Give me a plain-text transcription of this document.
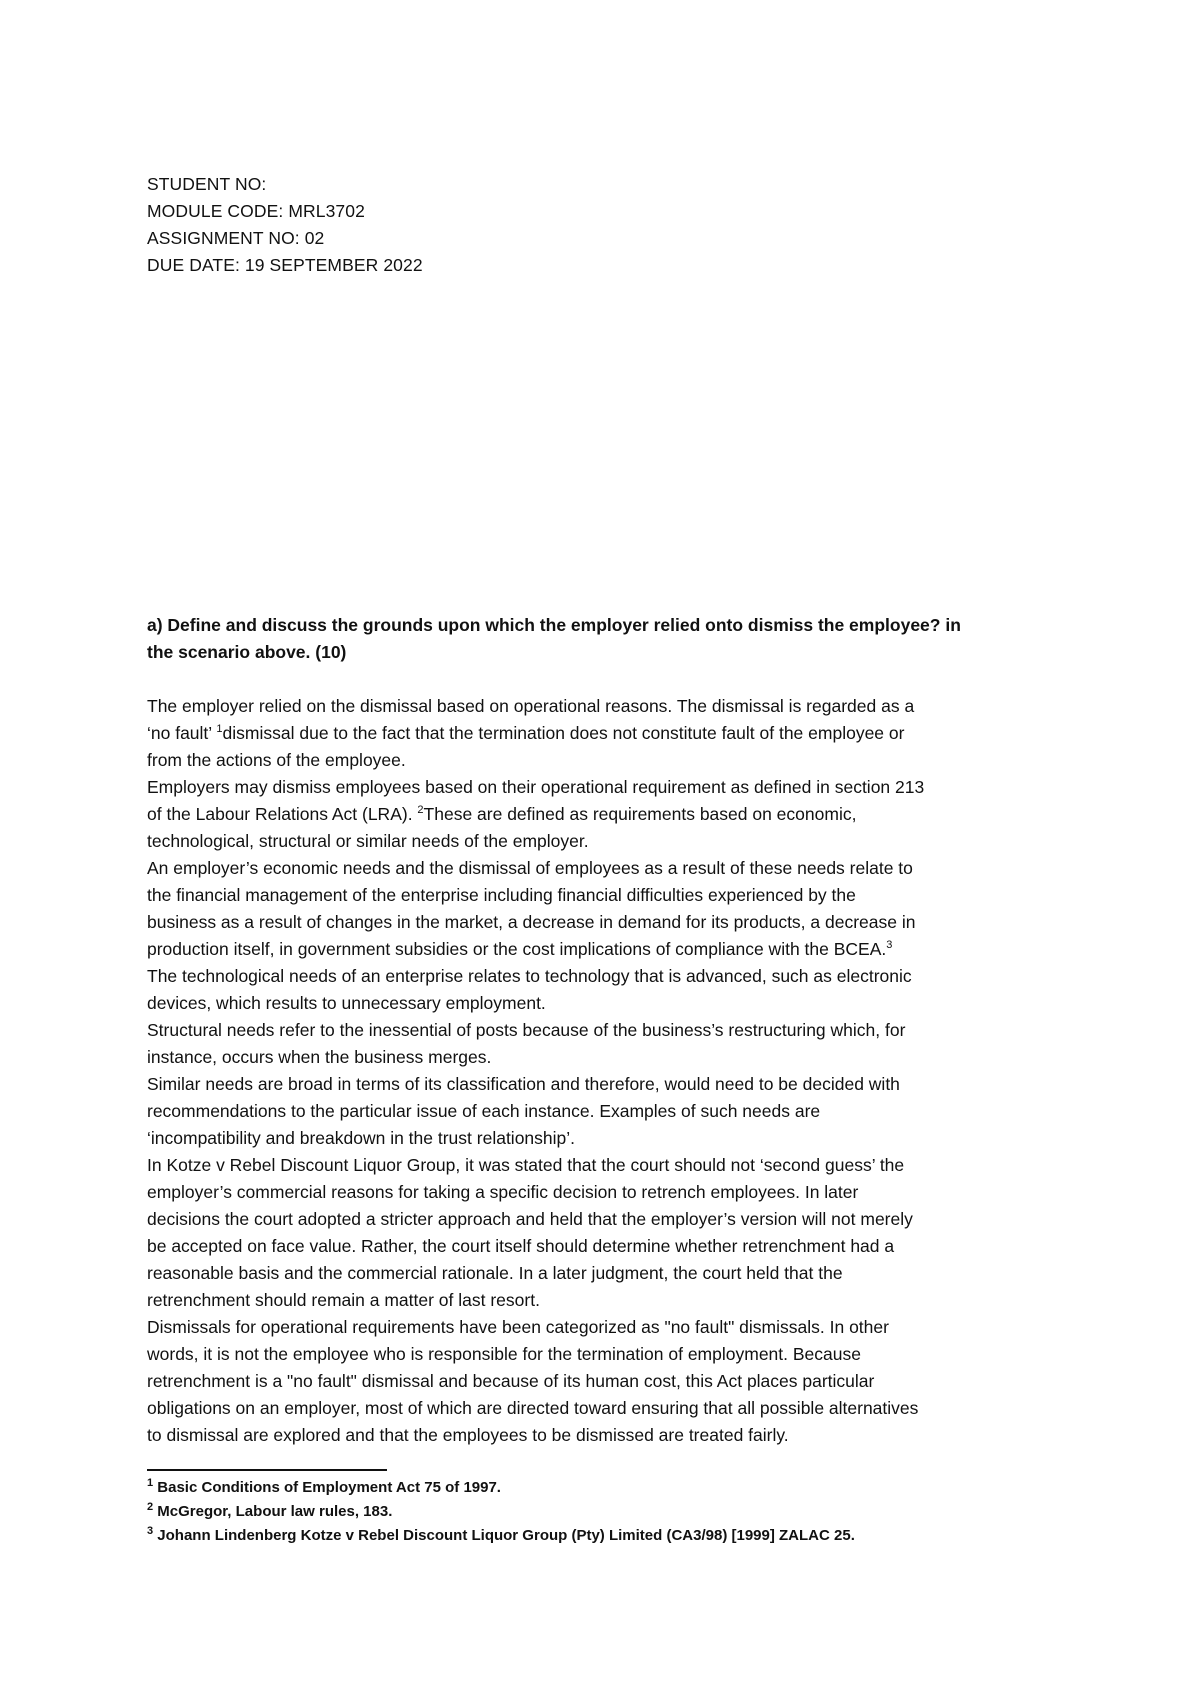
STUDENT NO:
MODULE CODE: MRL3702
ASSIGNMENT NO: 02
DUE DATE: 19 SEPTEMBER 2022
a) Define and discuss the grounds upon which the employer relied onto dismiss the employee? in
the scenario above. (10)
The employer relied on the dismissal based on operational reasons. The dismissal is regarded as a
‘no fault’ $^1$dismissal due to the fact that the termination does not constitute fault of the employee or
from the actions of the employee.
Employers may dismiss employees based on their operational requirement as defined in section 213
of the Labour Relations Act (LRA). $^2$These are defined as requirements based on economic,
technological, structural or similar needs of the employer.
An employer’s economic needs and the dismissal of employees as a result of these needs relate to
the financial management of the enterprise including financial difficulties experienced by the
business as a result of changes in the market, a decrease in demand for its products, a decrease in
production itself, in government subsidies or the cost implications of compliance with the BCEA.$^3$
The technological needs of an enterprise relates to technology that is advanced, such as electronic
devices, which results to unnecessary employment.
Structural needs refer to the inessential of posts because of the business’s restructuring which, for
instance, occurs when the business merges.
Similar needs are broad in terms of its classification and therefore, would need to be decided with
recommendations to the particular issue of each instance. Examples of such needs are
‘incompatibility and breakdown in the trust relationship’.
In Kotze v Rebel Discount Liquor Group, it was stated that the court should not ‘second guess’ the
employer’s commercial reasons for taking a specific decision to retrench employees. In later
decisions the court adopted a stricter approach and held that the employer’s version will not merely
be accepted on face value. Rather, the court itself should determine whether retrenchment had a
reasonable basis and the commercial rationale. In a later judgment, the court held that the
retrenchment should remain a matter of last resort.
Dismissals for operational requirements have been categorized as "no fault" dismissals. In other
words, it is not the employee who is responsible for the termination of employment. Because
retrenchment is a "no fault" dismissal and because of its human cost, this Act places particular
obligations on an employer, most of which are directed toward ensuring that all possible alternatives
to dismissal are explored and that the employees to be dismissed are treated fairly.
$^1$ Basic Conditions of Employment Act 75 of 1997.
$^2$ McGregor, Labour law rules, 183.
$^3$ Johann Lindenberg Kotze v Rebel Discount Liquor Group (Pty) Limited (CA3/98) [1999] ZALAC 25.
